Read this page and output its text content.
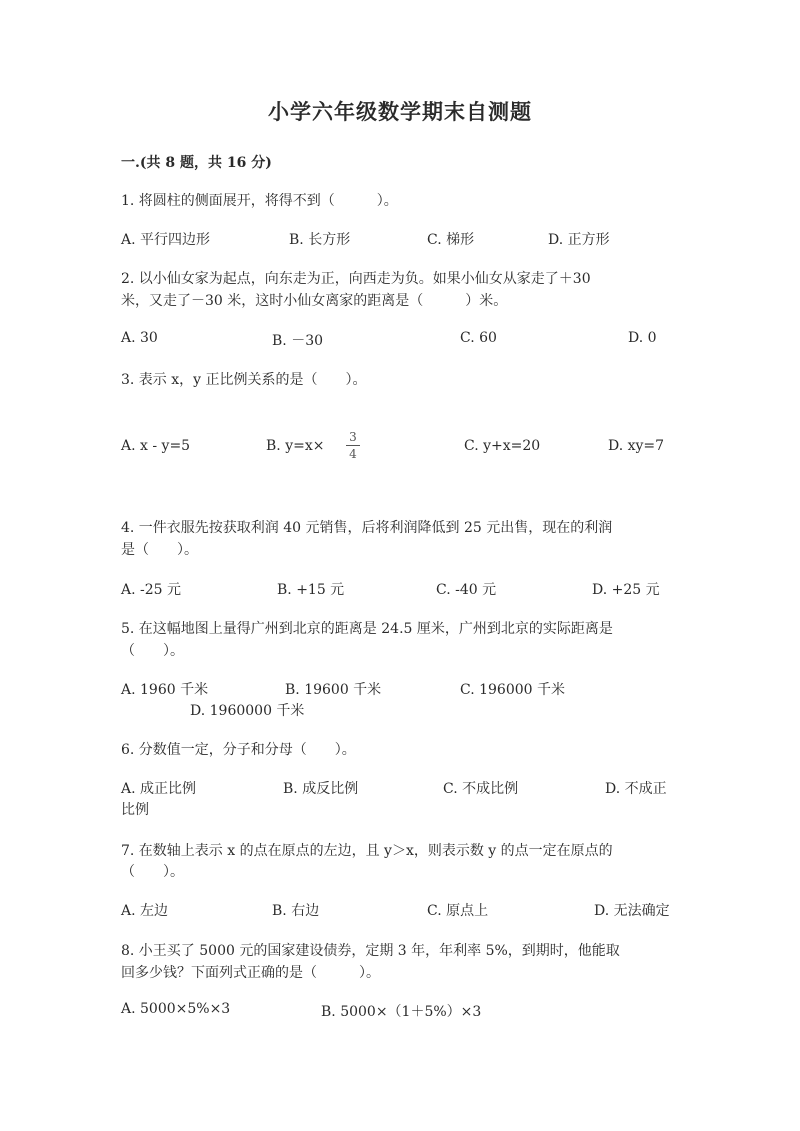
小学六年级数学期末自测题
一.(共 8 题，共 16 分)
1. 将圆柱的侧面展开，将得不到（　　　）。
A. 平行四边形	B. 长方形	C. 梯形	D. 正方形
2. 以小仙女家为起点，向东走为正，向西走为负。如果小仙女从家走了＋30
米，又走了－30 米，这时小仙女离家的距离是（　　　）米。
A. 30	B. －30	C. 60	D. 0
3. 表示 x，y 正比例关系的是（　　）。
A. x - y=5	B. y=x×
3
4	C. y+x=20	D. xy=7
4. 一件衣服先按获取利润 40 元销售，后将利润降低到 25 元出售，现在的利润
是（　　）。
A. -25 元	B. +15 元	C. -40 元	D. +25 元
5. 在这幅地图上量得广州到北京的距离是 24.5 厘米，广州到北京的实际距离是
（　　）。
A. 1960 千米	B. 19600 千米	C. 196000 千米
D. 1960000 千米
6. 分数值一定，分子和分母（　　）。
A. 成正比例	B. 成反比例	C. 不成比例	D. 不成正
比例
7. 在数轴上表示 x 的点在原点的左边，且 y＞x，则表示数 y 的点一定在原点的
（　　）。
A. 左边	B. 右边	C. 原点上	D. 无法确定
8. 小王买了 5000 元的国家建设债券，定期 3 年，年利率 5%，到期时，他能取
回多少钱？下面列式正确的是（　　　）。
A. 5000×5%×3	B. 5000×（1＋5%）×3
